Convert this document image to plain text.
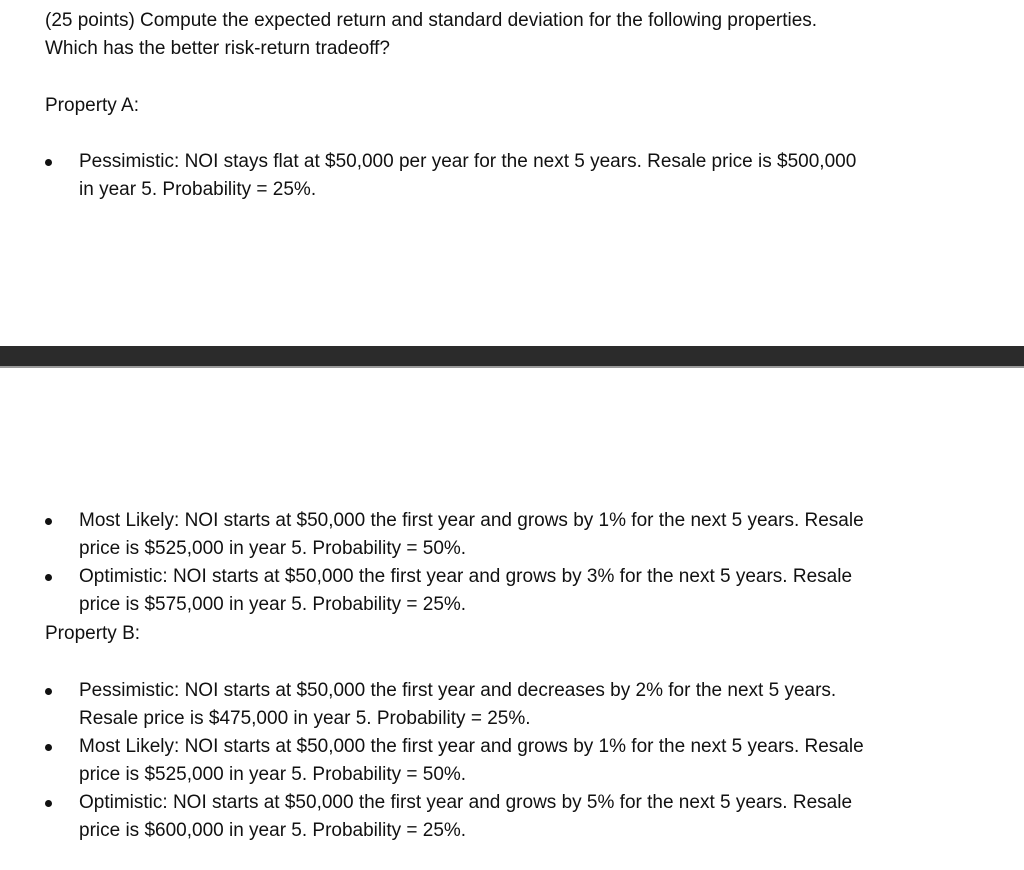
(25 points) Compute the expected return and standard deviation for the following properties.
Which has the better risk-return tradeoff?
Property A:
Pessimistic: NOI stays flat at $50,000 per year for the next 5 years. Resale price is $500,000
in year 5. Probability = 25%.
Most Likely: NOI starts at $50,000 the first year and grows by 1% for the next 5 years. Resale
price is $525,000 in year 5. Probability = 50%.
Optimistic: NOI starts at $50,000 the first year and grows by 3% for the next 5 years. Resale
price is $575,000 in year 5. Probability = 25%.
Property B:
Pessimistic: NOI starts at $50,000 the first year and decreases by 2% for the next 5 years.
Resale price is $475,000 in year 5. Probability = 25%.
Most Likely: NOI starts at $50,000 the first year and grows by 1% for the next 5 years. Resale
price is $525,000 in year 5. Probability = 50%.
Optimistic: NOI starts at $50,000 the first year and grows by 5% for the next 5 years. Resale
price is $600,000 in year 5. Probability = 25%.
